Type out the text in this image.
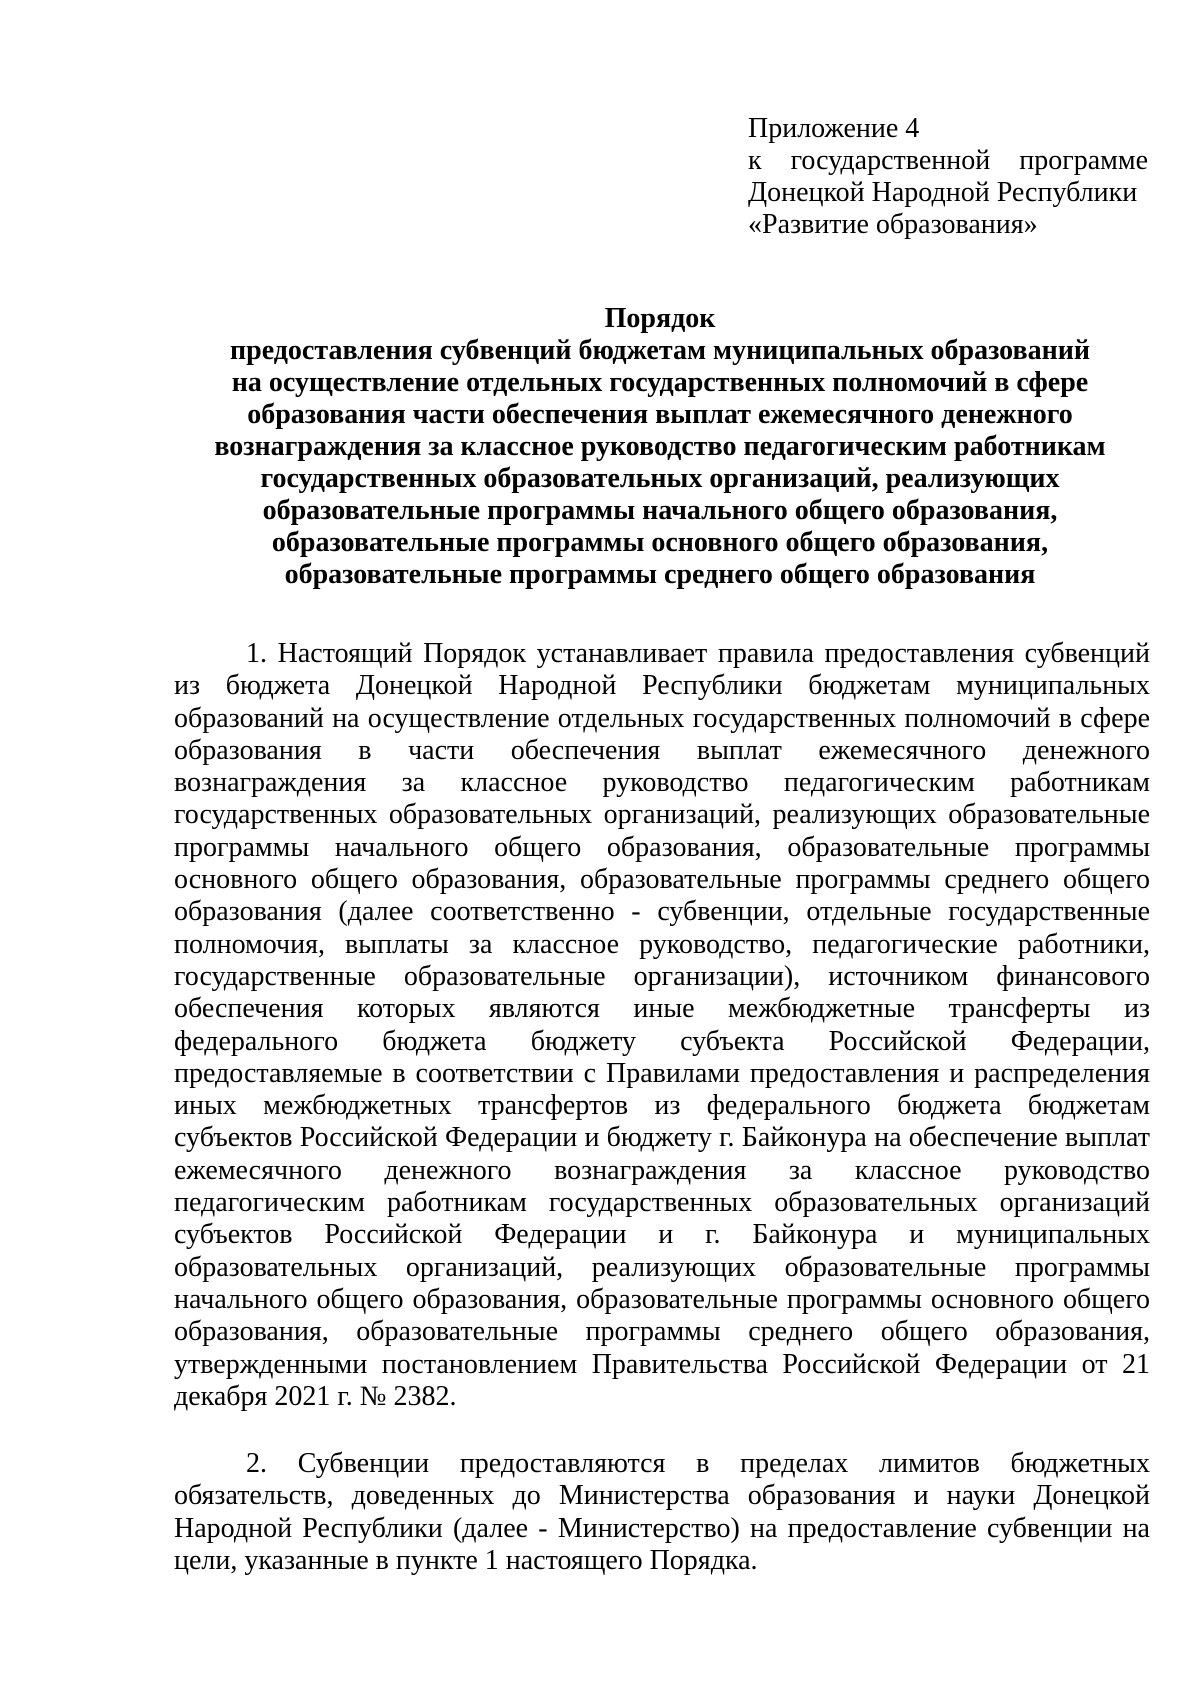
Приложение 4
к государственной программе
Донецкой Народной Республики
«Развитие образования»
Порядок
предоставления субвенций бюджетам муниципальных образований
на осуществление отдельных государственных полномочий в сфере
образования части обеспечения выплат ежемесячного денежного
вознаграждения за классное руководство педагогическим работникам
государственных образовательных организаций, реализующих
образовательные программы начального общего образования,
образовательные программы основного общего образования,
образовательные программы среднего общего образования

1. Настоящий Порядок устанавливает правила предоставления субвенций из бюджета Донецкой Народной Республики бюджетам муниципальных образований на осуществление отдельных государственных полномочий в сфере образования в части обеспечения выплат ежемесячного денежного вознаграждения за классное руководство педагогическим работникам государственных образовательных организаций, реализующих образовательные программы начального общего образования, образовательные программы основного общего образования, образовательные программы среднего общего образования (далее соответственно - субвенции, отдельные государственные полномочия, выплаты за классное руководство, педагогические работники, государственные образовательные организации), источником финансового обеспечения которых являются иные межбюджетные трансферты из федерального бюджета бюджету субъекта Российской Федерации, предоставляемые в соответствии с Правилами предоставления и распределения иных межбюджетных трансфертов из федерального бюджета бюджетам субъектов Российской Федерации и бюджету г. Байконура на обеспечение выплат ежемесячного денежного вознаграждения за классное руководство педагогическим работникам государственных образовательных организаций субъектов Российской Федерации и г. Байконура и муниципальных образовательных организаций, реализующих образовательные программы начального общего образования, образовательные программы основного общего образования, образовательные программы среднего общего образования, утвержденными постановлением Правительства Российской Федерации от 21 декабря 2021 г. № 2382.

2. Субвенции предоставляются в пределах лимитов бюджетных обязательств, доведенных до Министерства образования и науки Донецкой Народной Республики (далее - Министерство) на предоставление субвенции на цели, указанные в пункте 1 настоящего Порядка.
